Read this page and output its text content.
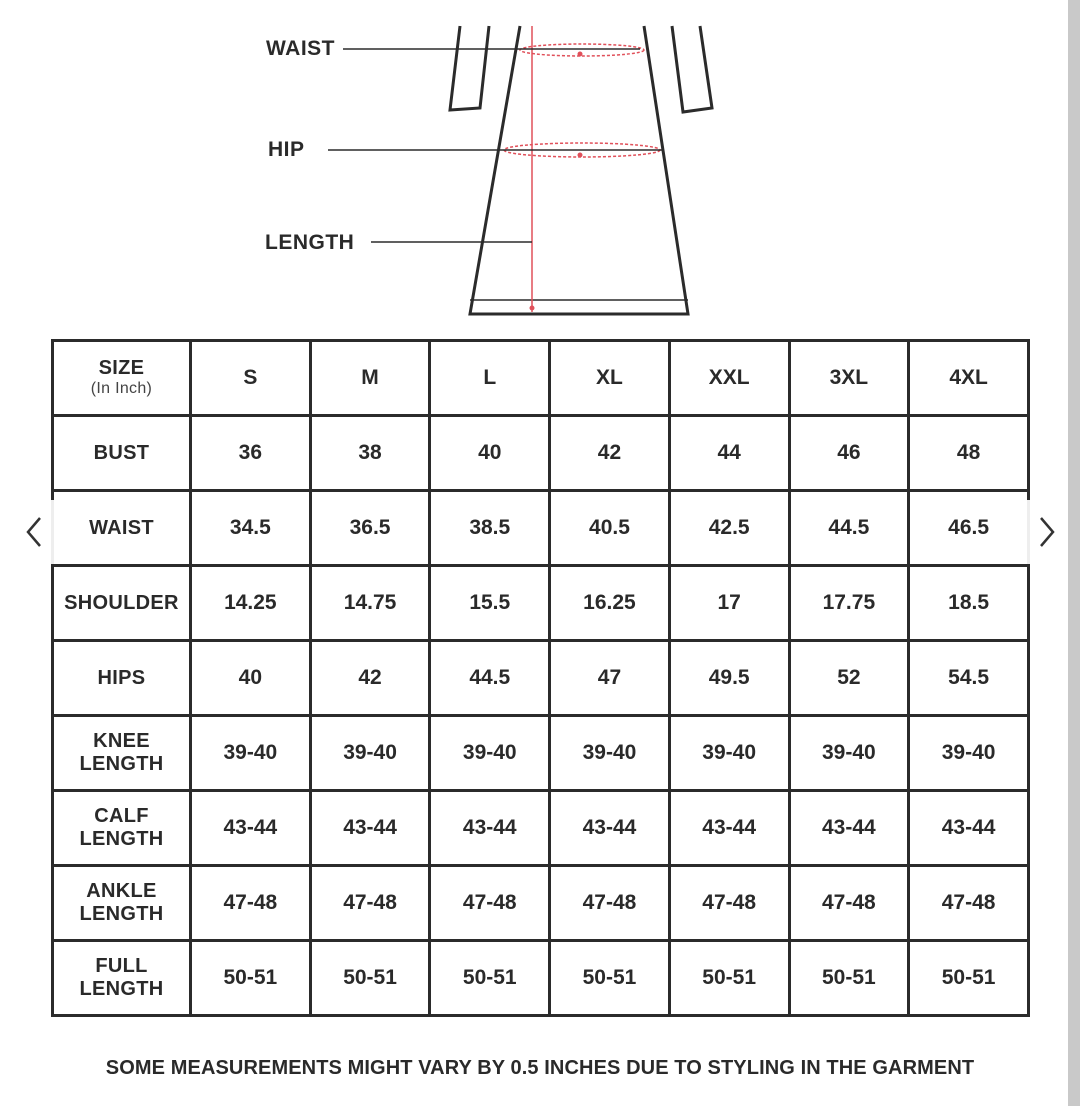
WAIST
HIP
LENGTH
SIZE
(In Inch)	S	M	L	XL	XXL	3XL	4XL

BUST	36	38	40	42	44	46	48

WAIST	34.5	36.5	38.5	40.5	42.5	44.5	46.5

SHOULDER	14.25	14.75	15.5	16.25	17	17.75	18.5

HIPS	40	42	44.5	47	49.5	52	54.5

KNEE
LENGTH	39-40	39-40	39-40	39-40	39-40	39-40	39-40

CALF
LENGTH	43-44	43-44	43-44	43-44	43-44	43-44	43-44

ANKLE
LENGTH	47-48	47-48	47-48	47-48	47-48	47-48	47-48

FULL
LENGTH	50-51	50-51	50-51	50-51	50-51	50-51	50-51
SOME MEASUREMENTS MIGHT VARY BY 0.5 INCHES DUE TO STYLING IN THE GARMENT
